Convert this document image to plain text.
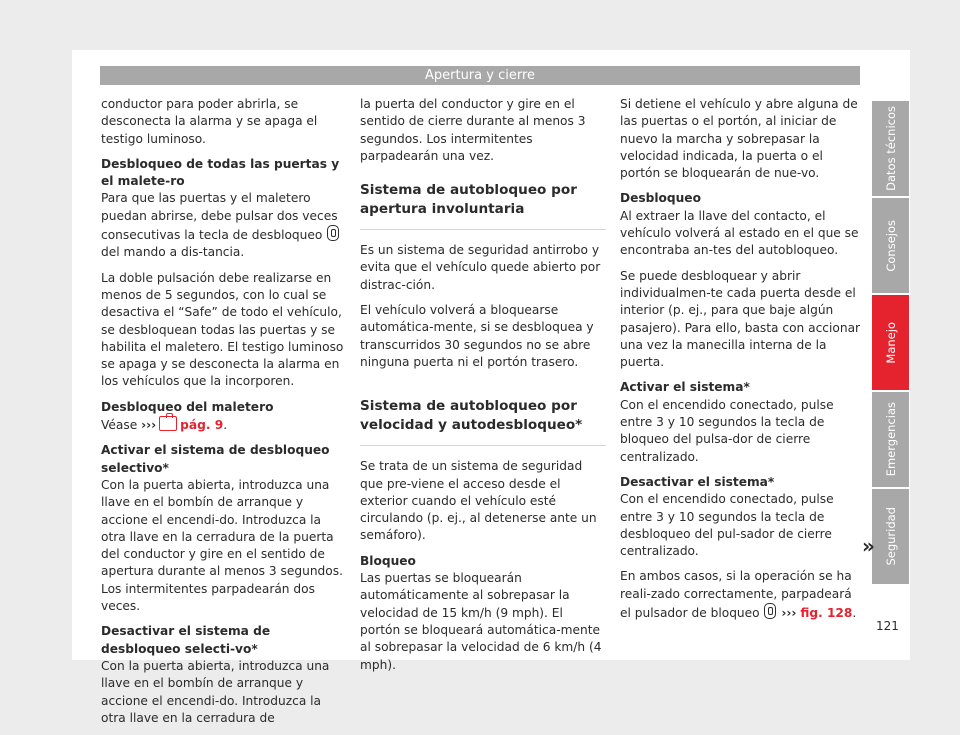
Apertura y cierre

conductor para poder abrirla, se desconecta la alarma y se apaga el testigo luminoso.

Desbloqueo de todas las puertas y el malete-ro

Para que las puertas y el maletero puedan abrirse, debe pulsar dos veces consecutivas la tecla de desbloqueo  del mando a dis-tancia.

La doble pulsación debe realizarse en menos de 5 segundos, con lo cual se desactiva el “Safe” de todo el vehículo, se desbloquean todas las puertas y se habilita el maletero. El testigo luminoso se apaga y se desconecta la alarma en los vehículos que la incorporen.

Desbloqueo del maletero

Véase ››› pág. 9.

Activar el sistema de desbloqueo selectivo*

Con la puerta abierta, introduzca una llave en el bombín de arranque y accione el encendi-do. Introduzca la otra llave en la cerradura de la puerta del conductor y gire en el sentido de apertura durante al menos 3 segundos. Los intermitentes parpadearán dos veces.

Desactivar el sistema de desbloqueo selecti-vo*

Con la puerta abierta, introduzca una llave en el bombín de arranque y accione el encendi-do. Introduzca la otra llave en la cerradura de

la puerta del conductor y gire en el sentido de cierre durante al menos 3 segundos. Los intermitentes parpadearán una vez.

Sistema de autobloqueo por apertura involuntaria

Es un sistema de seguridad antirrobo y evita que el vehículo quede abierto por distrac-ción.

El vehículo volverá a bloquearse automática-mente, si se desbloquea y transcurridos 30 segundos no se abre ninguna puerta ni el portón trasero.

Sistema de autobloqueo por velocidad y autodesbloqueo*

Se trata de un sistema de seguridad que pre-viene el acceso desde el exterior cuando el vehículo esté circulando (p. ej., al detenerse ante un semáforo).

Bloqueo

Las puertas se bloquearán automáticamente al sobrepasar la velocidad de 15 km/h (9 mph). El portón se bloqueará automática-mente al sobrepasar la velocidad de 6 km/h (4 mph).

Si detiene el vehículo y abre alguna de las puertas o el portón, al iniciar de nuevo la marcha y sobrepasar la velocidad indicada, la puerta o el portón se bloquearán de nue-vo.

Desbloqueo

Al extraer la llave del contacto, el vehículo volverá al estado en el que se encontraba an-tes del autobloqueo.

Se puede desbloquear y abrir individualmen-te cada puerta desde el interior (p. ej., para que baje algún pasajero). Para ello, basta con accionar una vez la manecilla interna de la puerta.

Activar el sistema*

Con el encendido conectado, pulse entre 3 y 10 segundos la tecla de bloqueo del pulsa-dor de cierre centralizado.

Desactivar el sistema*

Con el encendido conectado, pulse entre 3 y 10 segundos la tecla de desbloqueo del pul-sador de cierre centralizado.

En ambos casos, si la operación se ha reali-zado correctamente, parpadeará el pulsador de bloqueo ››› fig. 128.

Datos técnicos
Consejos
Manejo
Emergencias
Seguridad
»
121
